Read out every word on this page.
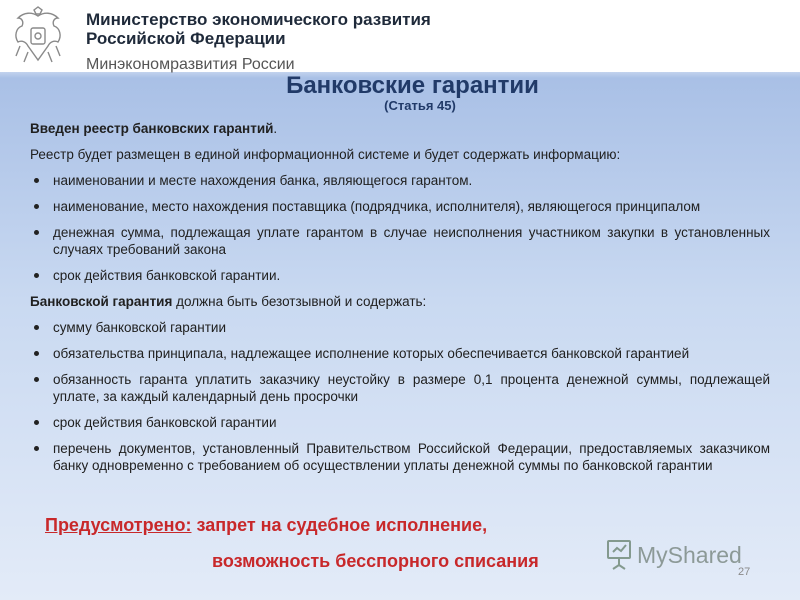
Министерство экономического развития
Российской Федерации
Минэкономразвития России
Банковские гарантии
(Статья 45)

Введен реестр банковских гарантий.

Реестр будет размещен в единой информационной системе и будет содержать информацию:

наименовании и месте нахождения банка, являющегося гарантом.
наименование, место нахождения поставщика (подрядчика, исполнителя), являющегося принципалом
денежная сумма, подлежащая уплате гарантом в случае неисполнения участником закупки в установленных случаях требований закона
срок действия банковской гарантии.

Банковской гарантия должна быть безотзывной и содержать:

сумму банковской гарантии
обязательства принципала, надлежащее исполнение которых обеспечивается банковской гарантией
обязанность гаранта уплатить заказчику неустойку в размере 0,1 процента денежной суммы, подлежащей уплате, за каждый календарный день просрочки
срок действия банковской гарантии
перечень документов, установленный Правительством Российской Федерации, предоставляемых заказчиком банку одновременно с требованием об осуществлении уплаты денежной суммы по банковской гарантии
Предусмотрено: запрет на судебное исполнение,
возможность бесспорного списания	MyShared
27
